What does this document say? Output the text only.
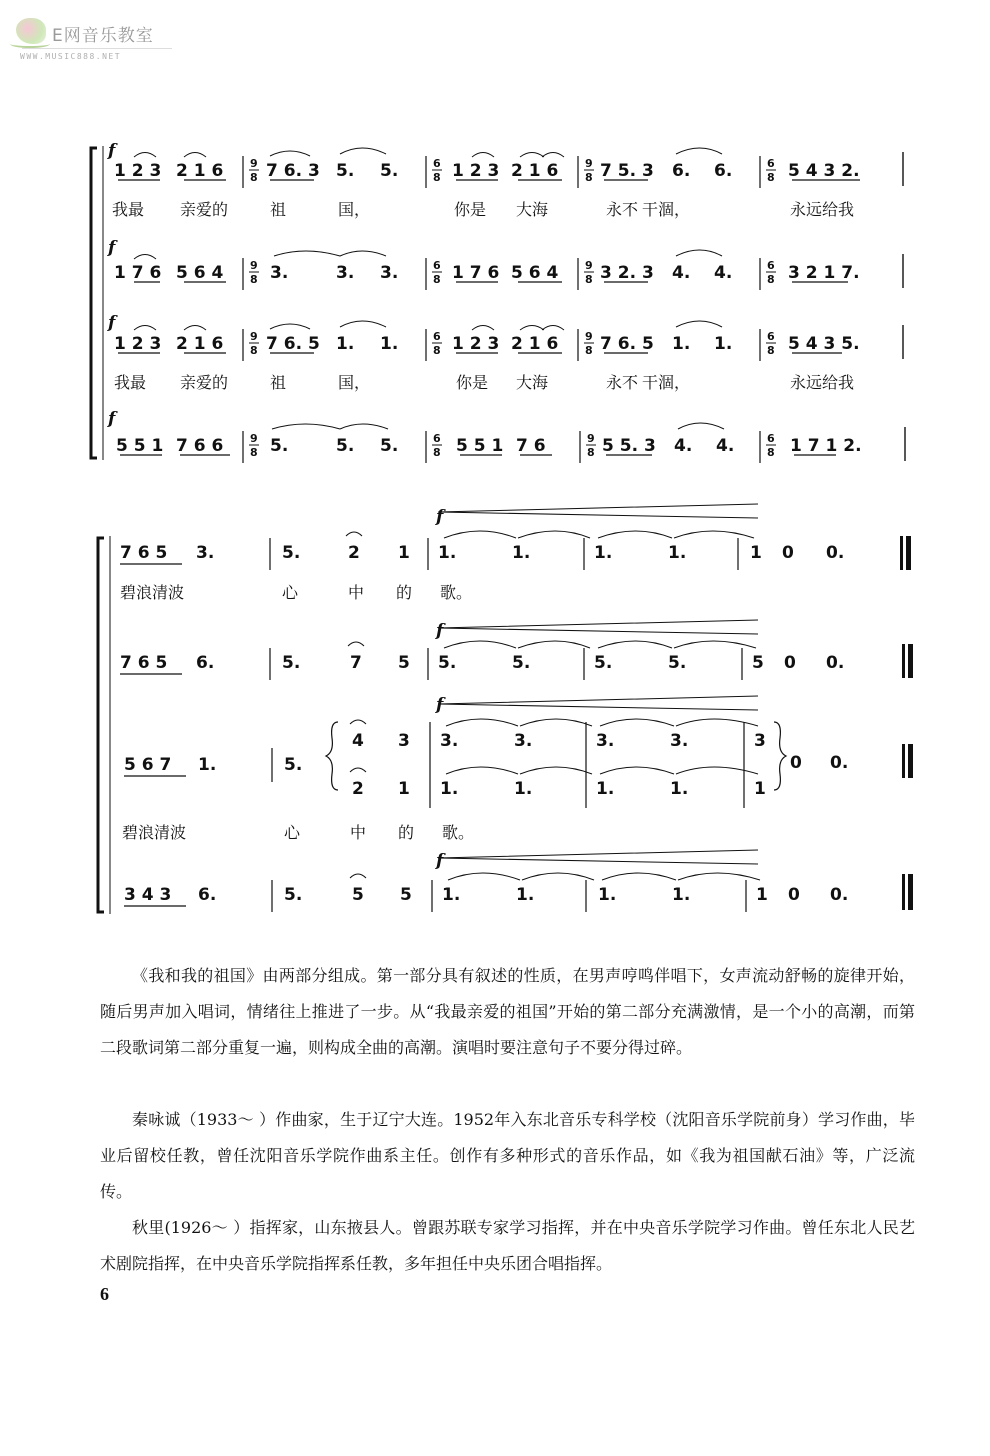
E网音乐教室
WWW.MUSIC888.NET
f
f
f
f
1 2 3 2 1 6 9
8 7 6. 3 5. 5.	6
8 1 2 3 2 1 6 9
8 7 5. 3 6. 6.	6
8 5 4 3 2.
我最 亲爱的	祖	国，	你是 大海	永不 干涸，	永远给我
1 7 6 5 6 4 9
8 3.	3. 3.	6
8 1 7 6 5 6 4 9
8 3 2. 3 4. 4.	6
8 3 2 1 7.
1 2 3 2 1 6 9
8 7 6. 5 1. 1.	6
8 1 2 3 2 1 6 9
8 7 6. 5 1. 1.	6
8 5 4 3 5.
我最 亲爱的	祖	国，	你是 大海	永不 干涸，	永远给我
5 5 1 7 6 6 9
8 5.	5. 5.	6
8 5 5 1 7 6	9
8 5 5. 3 4. 4.	6
8 1 7 1 2.
f
f
f
f
7 6 5 3.	5.	2 1 1.	1.	1.	1.	1 0 0.
碧浪清波	心	中 的 歌。
7 6 5 6.	5.	7 5 5.	5.	5.	5.	5 0 0.
4 3 3.	3.	3.	3.	3
5 6 7 1.	5.
2 1 1.	1.	1.	1.	1
0 0.
碧浪清波	心	中 的 歌。
3 4 3 6.	5.	5 5 1.	1.	1.	1.	1 0 0.

《我和我的祖国》由两部分组成。第一部分具有叙述的性质，在男声哼鸣伴唱下，女声流动舒畅的旋律开始，随后男声加入唱词，情绪往上推进了一步。从“我最亲爱的祖国”开始的第二部分充满激情，是一个小的高潮，而第二段歌词第二部分重复一遍，则构成全曲的高潮。演唱时要注意句子不要分得过碎。

秦咏诚（1933～ ）作曲家，生于辽宁大连。1952年入东北音乐专科学校（沈阳音乐学院前身）学习作曲，毕业后留校任教，曾任沈阳音乐学院作曲系主任。创作有多种形式的音乐作品，如《我为祖国献石油》等，广泛流传。

秋里(1926～ ）指挥家，山东掖县人。曾跟苏联专家学习指挥，并在中央音乐学院学习作曲。曾任东北人民艺术剧院指挥，在中央音乐学院指挥系任教，多年担任中央乐团合唱指挥。

6
